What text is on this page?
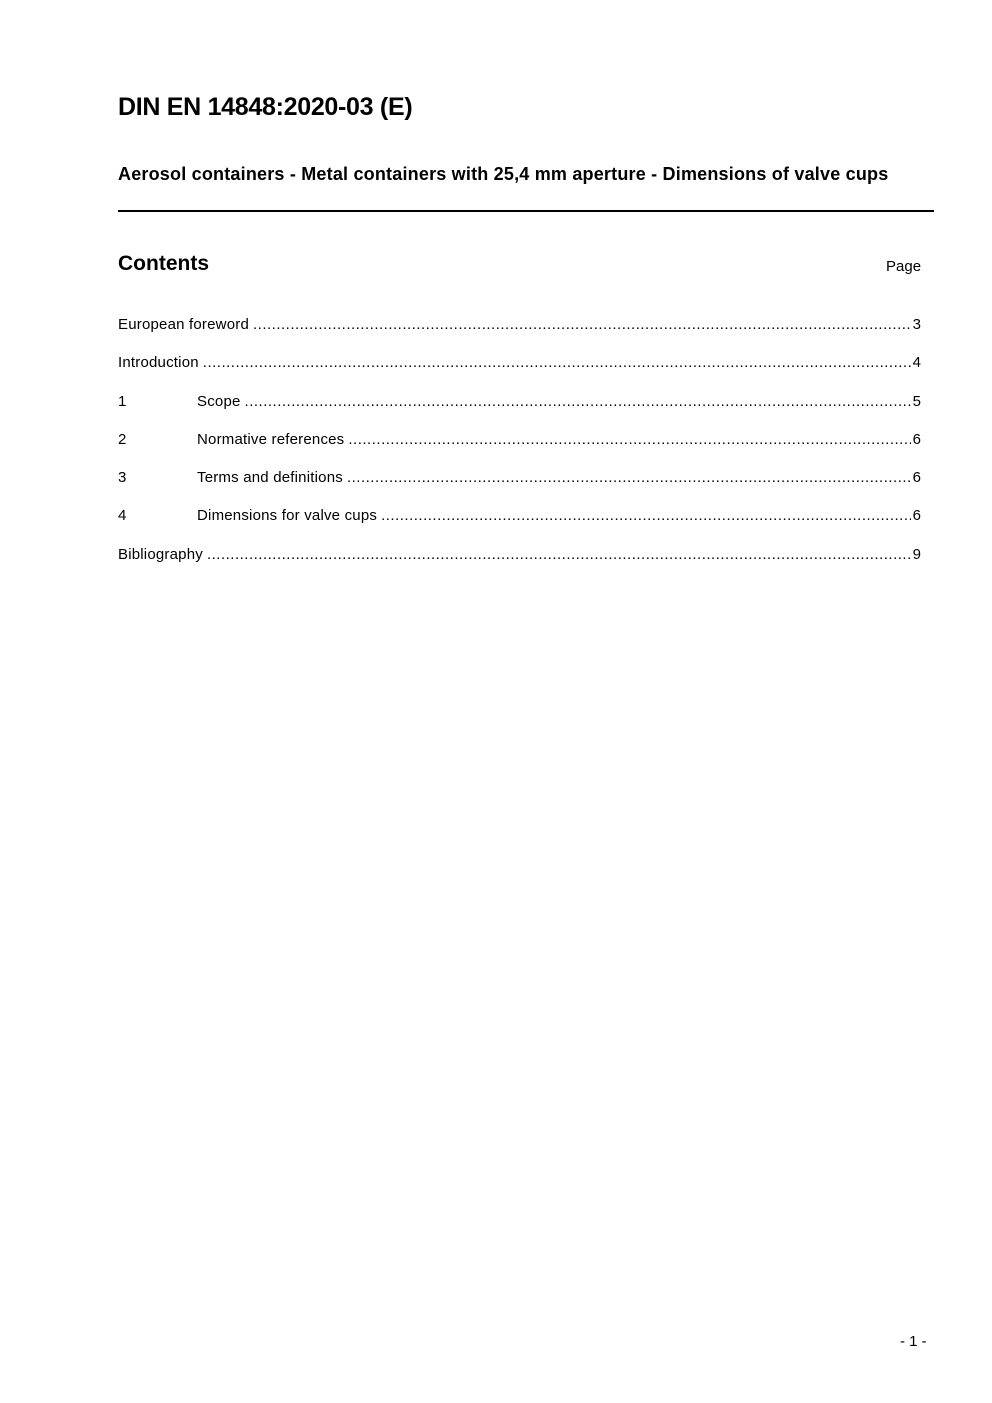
DIN EN 14848:2020-03 (E)
Aerosol containers - Metal containers with 25,4 mm aperture - Dimensions of valve cups
Contents	Page
European foreword .....	3
Introduction .....	4
1	Scope .....	5
2	Normative references .....	6
3	Terms and definitions .....	6
4	Dimensions for valve cups .....	6
Bibliography .....	9
- 1 -
